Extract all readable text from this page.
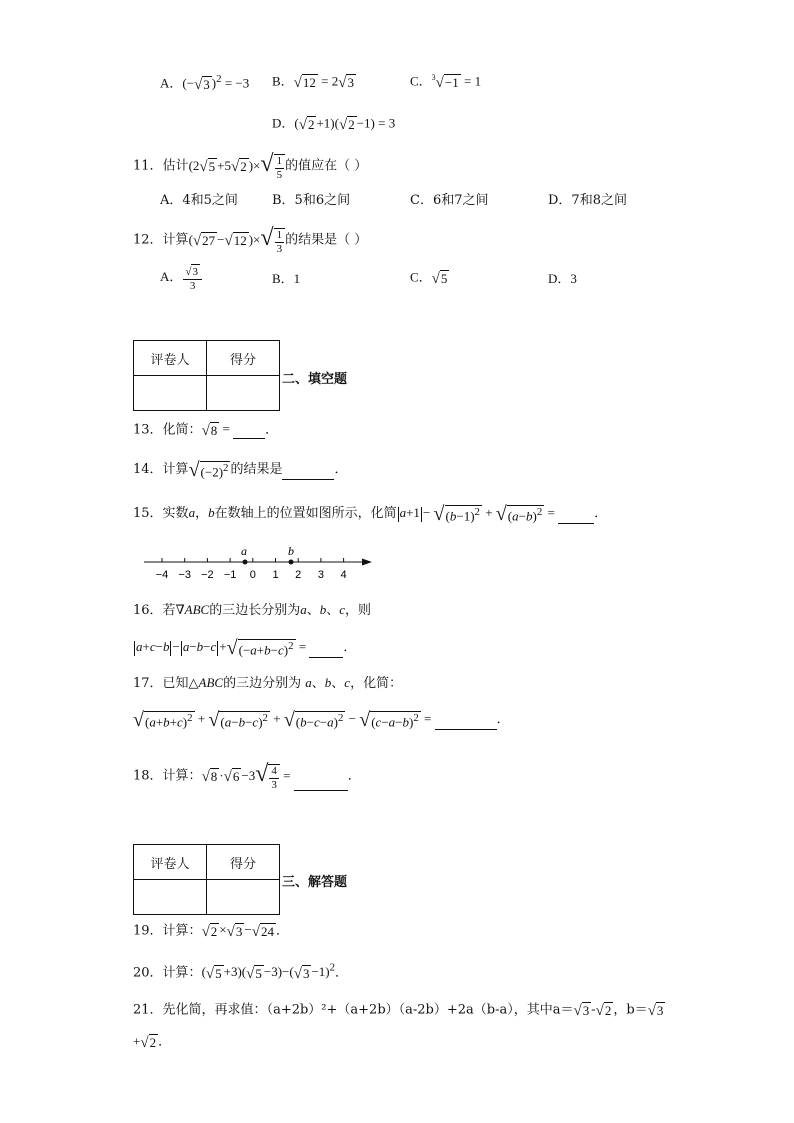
A．(−√3 )$^2$ = −3 B．√12 = 2√3	C．$^3$√−1 = 1
D．(√2 +1)(√2 −1) = 3
11．估计(2√5 +5√2 )×√ $\frac{1}{5}$ 的值应在（ ）
A．4和5之间	B．5和6之间	C．6和7之间	D．7和8之间
12．计算(√27 −√12 )×√ $\frac{1}{3}$ 的结果是（ ）
A． $\frac{√3}{3}$	B．1	C．√5	D．3
评卷人	得分

二、填空题
13．化简：√8 = ．
14．计算$√(-2)^2$ 的结果是	．
15．实数a，b在数轴上的位置如图所示，化简 $a+1 - √(b-1)^2 + √(a-b)^2$ =	．
−4 −3 −2 −1 0 1 2 3 4
a	b
16．若∇ABC的三边长分别为a、b、c，则
$a+c-b - a-b-c +√(-a+b-c)^2$ =	．
17．已知△ABC的三边分别为 a、b、c，化简：
$√(a+b+c)^2 + √(a-b-c)^2 + √(b-c-a)^2 - √(c-a-b)^2$ =	．
18．计算：$√8 \cdot√6 -3√ \frac{4}{3}$ =	．
评卷人	得分

三、解答题
19．计算：√2 ×√3 −√24 ．
20．计算：$(√5 +3)(√5 -3)-(√3 -1)^2$．
21．先化简，再求值：（a+2b）²+（a+2b）（a-2b）+2a（b-a），其中a＝√3 -√2 ，b＝√3
+√2 ．
